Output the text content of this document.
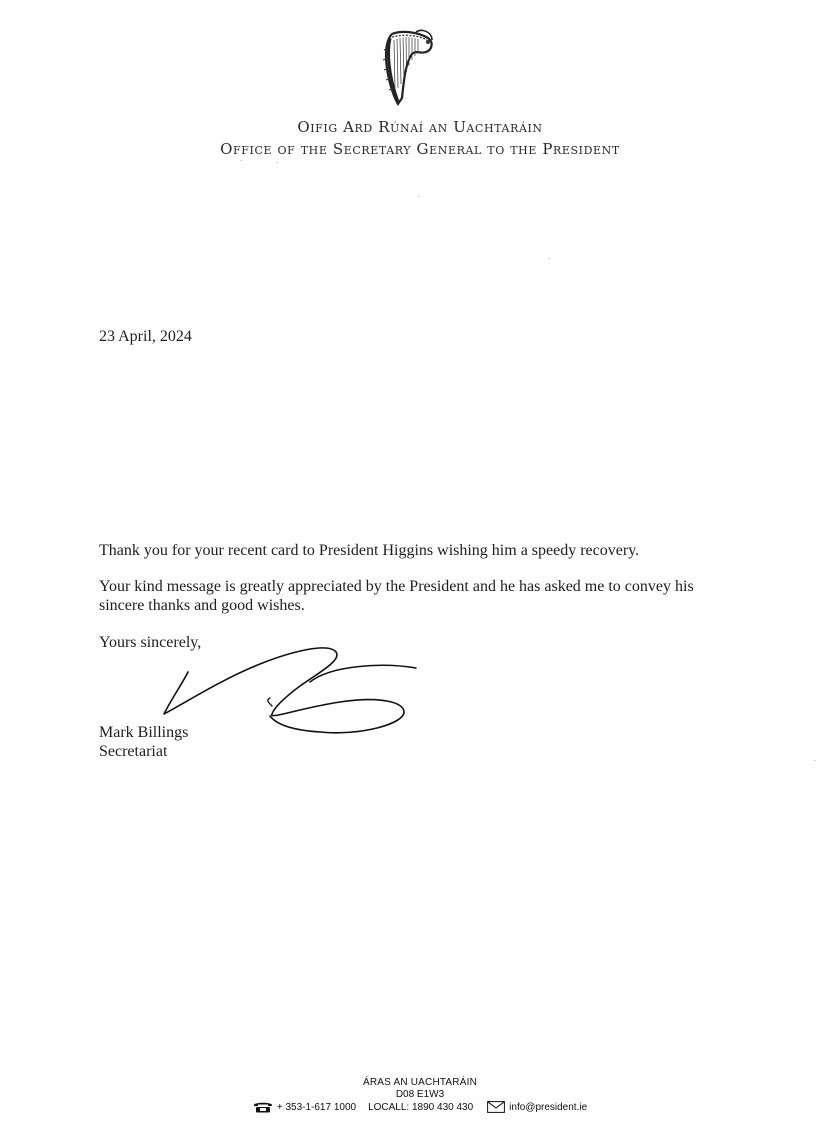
Oifig Ard Rúnaí an Uachtaráin
Office of the Secretary General to the President
23 April, 2024
Thank you for your recent card to President Higgins wishing him a speedy recovery.
Your kind message is greatly appreciated by the President and he has asked me to convey his sincere thanks and good wishes.
Yours sincerely,
Mark Billings
Secretariat
ÁRAS AN UACHTARÁIN
D08 E1W3
+ 353-1-617 1000 LOCALL: 1890 430 430	info@president.ie
